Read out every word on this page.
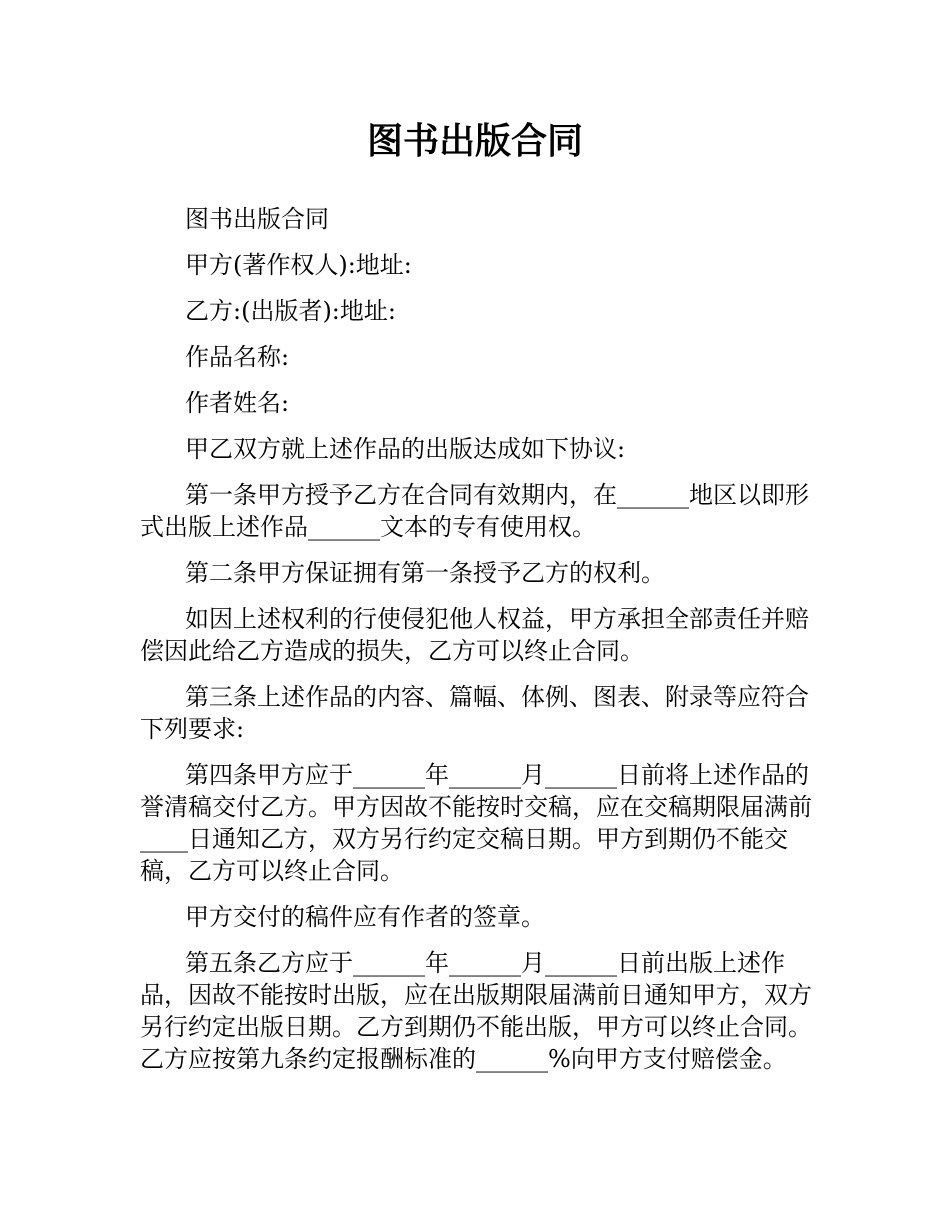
图书出版合同

图书出版合同

甲方(著作权人):地址:

乙方:(出版者):地址:

作品名称:

作者姓名:

甲乙双方就上述作品的出版达成如下协议:

第一条甲方授予乙方在合同有效期内，在______地区以即形式出版上述作品______文本的专有使用权。

第二条甲方保证拥有第一条授予乙方的权利。

如因上述权利的行使侵犯他人权益，甲方承担全部责任并赔偿因此给乙方造成的损失，乙方可以终止合同。

第三条上述作品的内容、篇幅、体例、图表、附录等应符合下列要求:

第四条甲方应于______年______月______日前将上述作品的誉清稿交付乙方。甲方因故不能按时交稿，应在交稿期限届满前____日通知乙方，双方另行约定交稿日期。甲方到期仍不能交稿，乙方可以终止合同。

甲方交付的稿件应有作者的签章。

第五条乙方应于______年______月______日前出版上述作品，因故不能按时出版，应在出版期限届满前日通知甲方，双方另行约定出版日期。乙方到期仍不能出版，甲方可以终止合同。乙方应按第九条约定报酬标准的______%向甲方支付赔偿金。
